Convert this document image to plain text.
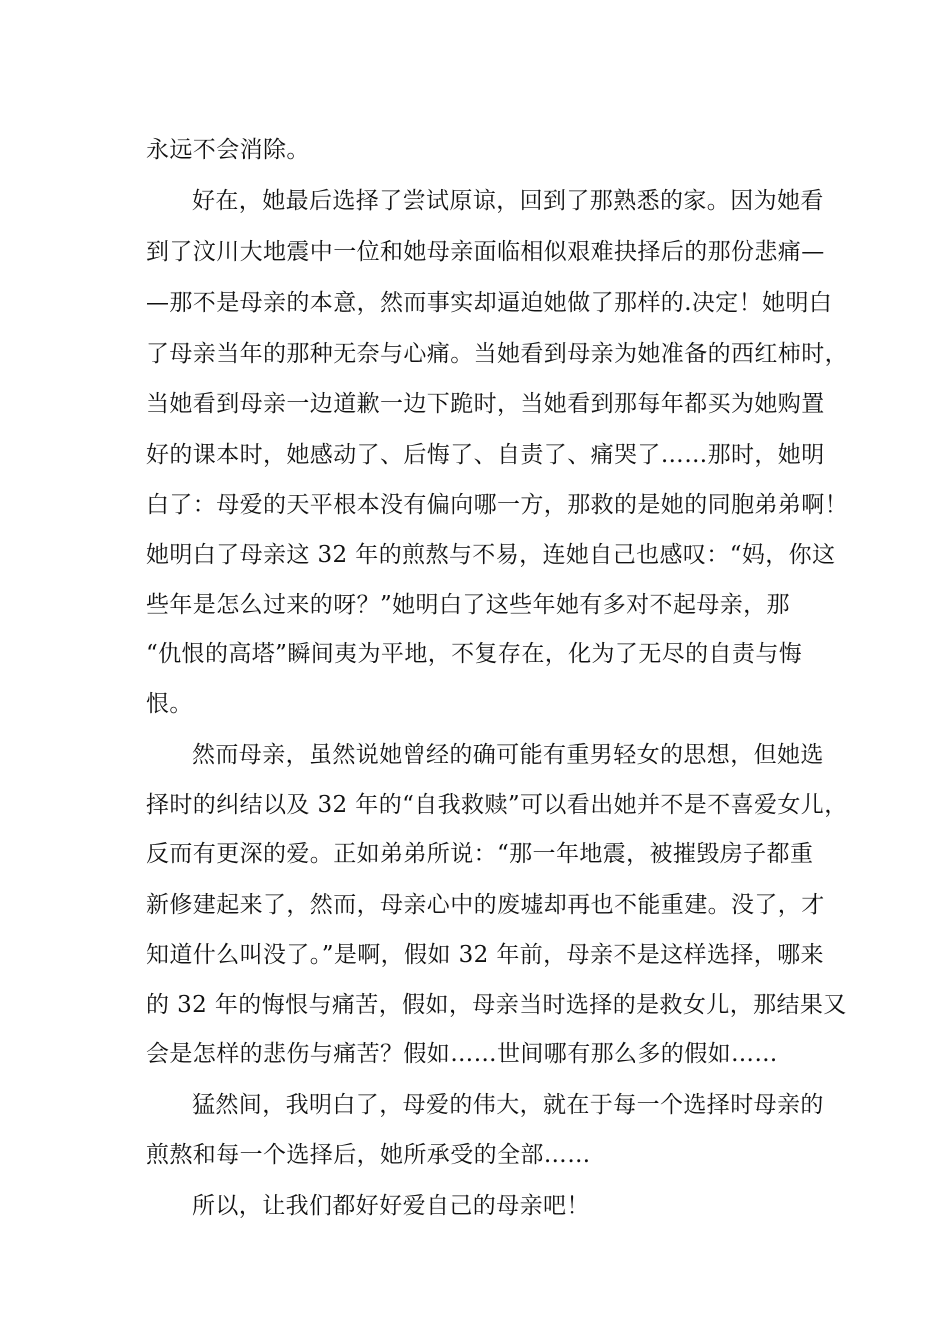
永远不会消除。
好在，她最后选择了尝试原谅，回到了那熟悉的家。因为她看
到了汶川大地震中一位和她母亲面临相似艰难抉择后的那份悲痛—
—那不是母亲的本意，然而事实却逼迫她做了那样的.决定！她明白
了母亲当年的那种无奈与心痛。当她看到母亲为她准备的西红柿时，
当她看到母亲一边道歉一边下跪时，当她看到那每年都买为她购置
好的课本时，她感动了、后悔了、自责了、痛哭了……那时，她明
白了：母爱的天平根本没有偏向哪一方，那救的是她的同胞弟弟啊！
她明白了母亲这 32 年的煎熬与不易，连她自己也感叹：“妈，你这
些年是怎么过来的呀？”她明白了这些年她有多对不起母亲，那
“仇恨的高塔”瞬间夷为平地，不复存在，化为了无尽的自责与悔
恨。
然而母亲，虽然说她曾经的确可能有重男轻女的思想，但她选
择时的纠结以及 32 年的“自我救赎”可以看出她并不是不喜爱女儿，
反而有更深的爱。正如弟弟所说：“那一年地震，被摧毁房子都重
新修建起来了，然而，母亲心中的废墟却再也不能重建。没了，才
知道什么叫没了。”是啊，假如 32 年前，母亲不是这样选择，哪来
的 32 年的悔恨与痛苦，假如，母亲当时选择的是救女儿，那结果又
会是怎样的悲伤与痛苦？假如……世间哪有那么多的假如……
猛然间，我明白了，母爱的伟大，就在于每一个选择时母亲的
煎熬和每一个选择后，她所承受的全部……
所以，让我们都好好爱自己的母亲吧！
